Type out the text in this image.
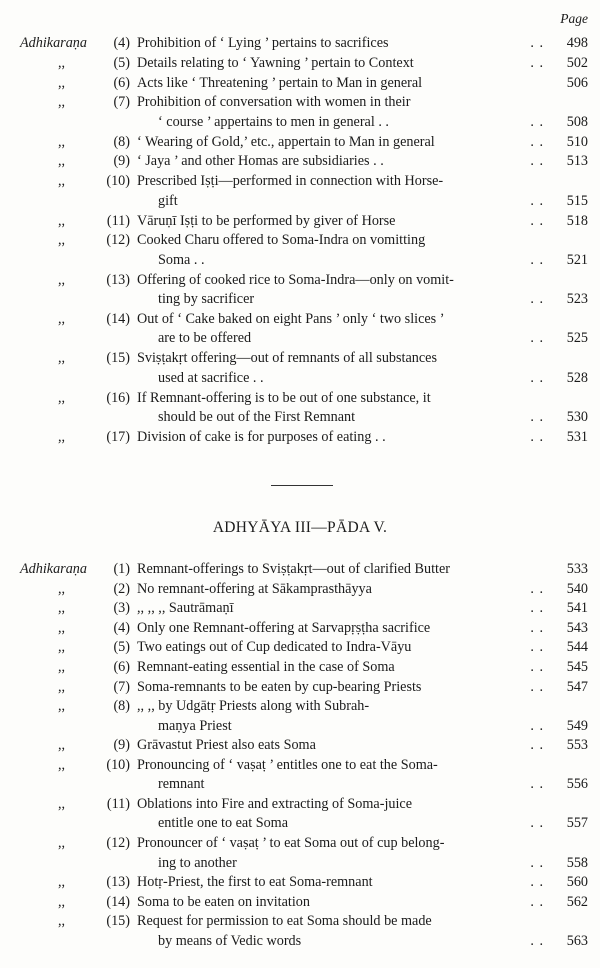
Page
Adhikaraṇa	(4) Prohibition of ‘ Lying ’ pertains to sacrifices	. .	498
,,	(5) Details relating to ‘ Yawning ’ pertain to Context	. .	502
,,	(6) Acts like ‘ Threatening ’ pertain to Man in general	506
,,	(7) Prohibition of conversation with women in their
‘ course ’ appertains to men in general . .	. .	508
,,	(8) ‘ Wearing of Gold,’ etc., appertain to Man in general	. .	510
,,	(9) ‘ Jaya ’ and other Homas are subsidiaries . .	. .	513
,,	(10) Prescribed Iṣṭi—performed in connection with Horse-
gift	. .	515
,,	(11) Vāruṇī Iṣṭi to be performed by giver of Horse	. .	518
,,	(12) Cooked Charu offered to Soma-Indra on vomitting
Soma . .	. .	521
,,	(13) Offering of cooked rice to Soma-Indra—only on vomit-
ting by sacrificer	. .	523
,,	(14) Out of ‘ Cake baked on eight Pans ’ only ‘ two slices ’
are to be offered	. .	525
,,	(15) Sviṣṭakṛt offering—out of remnants of all substances
used at sacrifice . .	. .	528
,,	(16) If Remnant-offering is to be out of one substance, it
should be out of the First Remnant	. .	530
,,	(17) Division of cake is for purposes of eating . .	. .	531
ADHYĀYA III—PĀDA V.
Adhikaraṇa	(1) Remnant-offerings to Sviṣṭakṛt—out of clarified Butter	533
,,	(2) No remnant-offering at Sākamprasthāyya	. .	540
,,	(3) ,, ,, ,, Sautrāmaṇī	. .	541
,,	(4) Only one Remnant-offering at Sarvapṛṣṭha sacrifice	. .	543
,,	(5) Two eatings out of Cup dedicated to Indra-Vāyu	. .	544
,,	(6) Remnant-eating essential in the case of Soma	. .	545
,,	(7) Soma-remnants to be eaten by cup-bearing Priests	. .	547
,,	(8) ,, ,, by Udgātṛ Priests along with Subrah-
maṇya Priest	. .	549
,,	(9) Grāvastut Priest also eats Soma	. .	553
,,	(10) Pronouncing of ‘ vaṣaṭ ’ entitles one to eat the Soma-
remnant	. .	556
,,	(11) Oblations into Fire and extracting of Soma-juice
entitle one to eat Soma	. .	557
,,	(12) Pronouncer of ‘ vaṣaṭ ’ to eat Soma out of cup belong-
ing to another	. .	558
,,	(13) Hotṛ-Priest, the first to eat Soma-remnant	. .	560
,,	(14) Soma to be eaten on invitation	. .	562
,,	(15) Request for permission to eat Soma should be made
by means of Vedic words	. .	563
